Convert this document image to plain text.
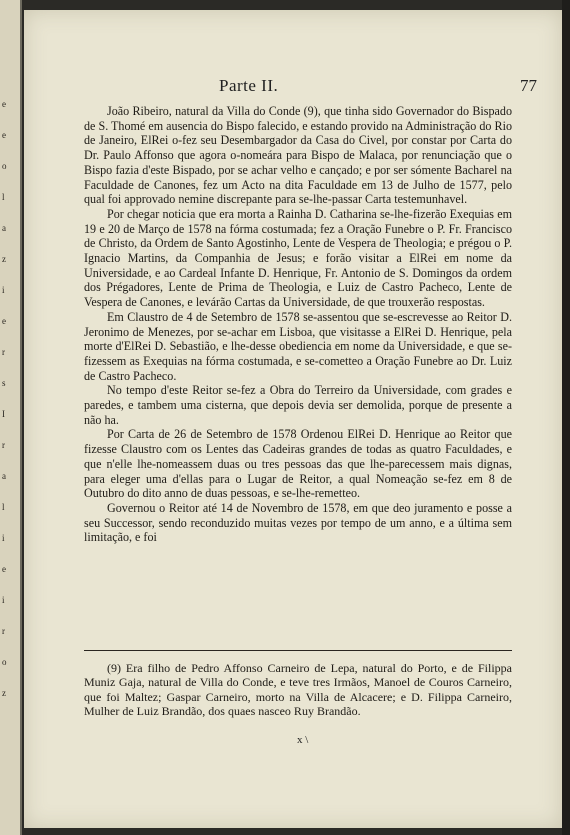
e
e
o
l
a
z
i
e
r
s
I
r
a
l
i
e
i
r
o
z
Parte II.	77

João Ribeiro, natural da Villa do Conde (9), que tinha sido Governador do Bispado de S. Thomé em ausencia do Bispo falecido, e estando provido na Administração do Rio de Janeiro, ElRei o-fez seu Desembargador da Casa do Civel, por constar por Carta do Dr. Paulo Affonso que agora o-nomeára para Bispo de Malaca, por renunciação que o Bispo fazia d'este Bispado, por se achar velho e cançado; e por ser sómente Bacharel na Faculdade de Canones, fez um Acto na dita Faculdade em 13 de Julho de 1577, pelo qual foi approvado nemine discrepante para se-lhe-passar Carta testemunhavel.

Por chegar noticia que era morta a Rainha D. Catharina se-lhe-fizerão Exequias em 19 e 20 de Março de 1578 na fórma costumada; fez a Oração Funebre o P. Fr. Francisco de Christo, da Ordem de Santo Agostinho, Lente de Vespera de Theologia; e prégou o P. Ignacio Martins, da Companhia de Jesus; e forão visitar a ElRei em nome da Universidade, e ao Cardeal Infante D. Henrique, Fr. Antonio de S. Domingos da ordem dos Prégadores, Lente de Prima de Theologia, e Luiz de Castro Pacheco, Lente de Vespera de Canones, e levárão Cartas da Universidade, de que trouxerão respostas.

Em Claustro de 4 de Setembro de 1578 se-assentou que se-escrevesse ao Reitor D. Jeronimo de Menezes, por se-achar em Lisboa, que visitasse a ElRei D. Henrique, pela morte d'ElRei D. Sebastião, e lhe-desse obediencia em nome da Universidade, e que se-fizessem as Exequias na fórma costumada, e se-cometteo a Oração Funebre ao Dr. Luiz de Castro Pacheco.

No tempo d'este Reitor se-fez a Obra do Terreiro da Universidade, com grades e paredes, e tambem uma cisterna, que depois devia ser demolida, porque de presente a não ha.

Por Carta de 26 de Setembro de 1578 Ordenou ElRei D. Henrique ao Reitor que fizesse Claustro com os Lentes das Cadeiras grandes de todas as quatro Faculdades, e que n'elle lhe-nomeassem duas ou tres pessoas das que lhe-parecessem mais dignas, para eleger uma d'ellas para o Lugar de Reitor, a qual Nomeação se-fez em 8 de Outubro do dito anno de duas pessoas, e se-lhe-remetteo.

Governou o Reitor até 14 de Novembro de 1578, em que deo juramento e posse a seu Successor, sendo reconduzido muitas vezes por tempo de um anno, e a última sem limitação, e foi

(9) Era filho de Pedro Affonso Carneiro de Lepa, natural do Porto, e de Filippa Muniz Gaja, natural de Villa do Conde, e teve tres Irmãos, Manoel de Couros Carneiro, que foi Maltez; Gaspar Carneiro, morto na Villa de Alcacere; e D. Filippa Carneiro, Mulher de Luiz Brandão, dos quaes nasceo Ruy Brandão.

x \
